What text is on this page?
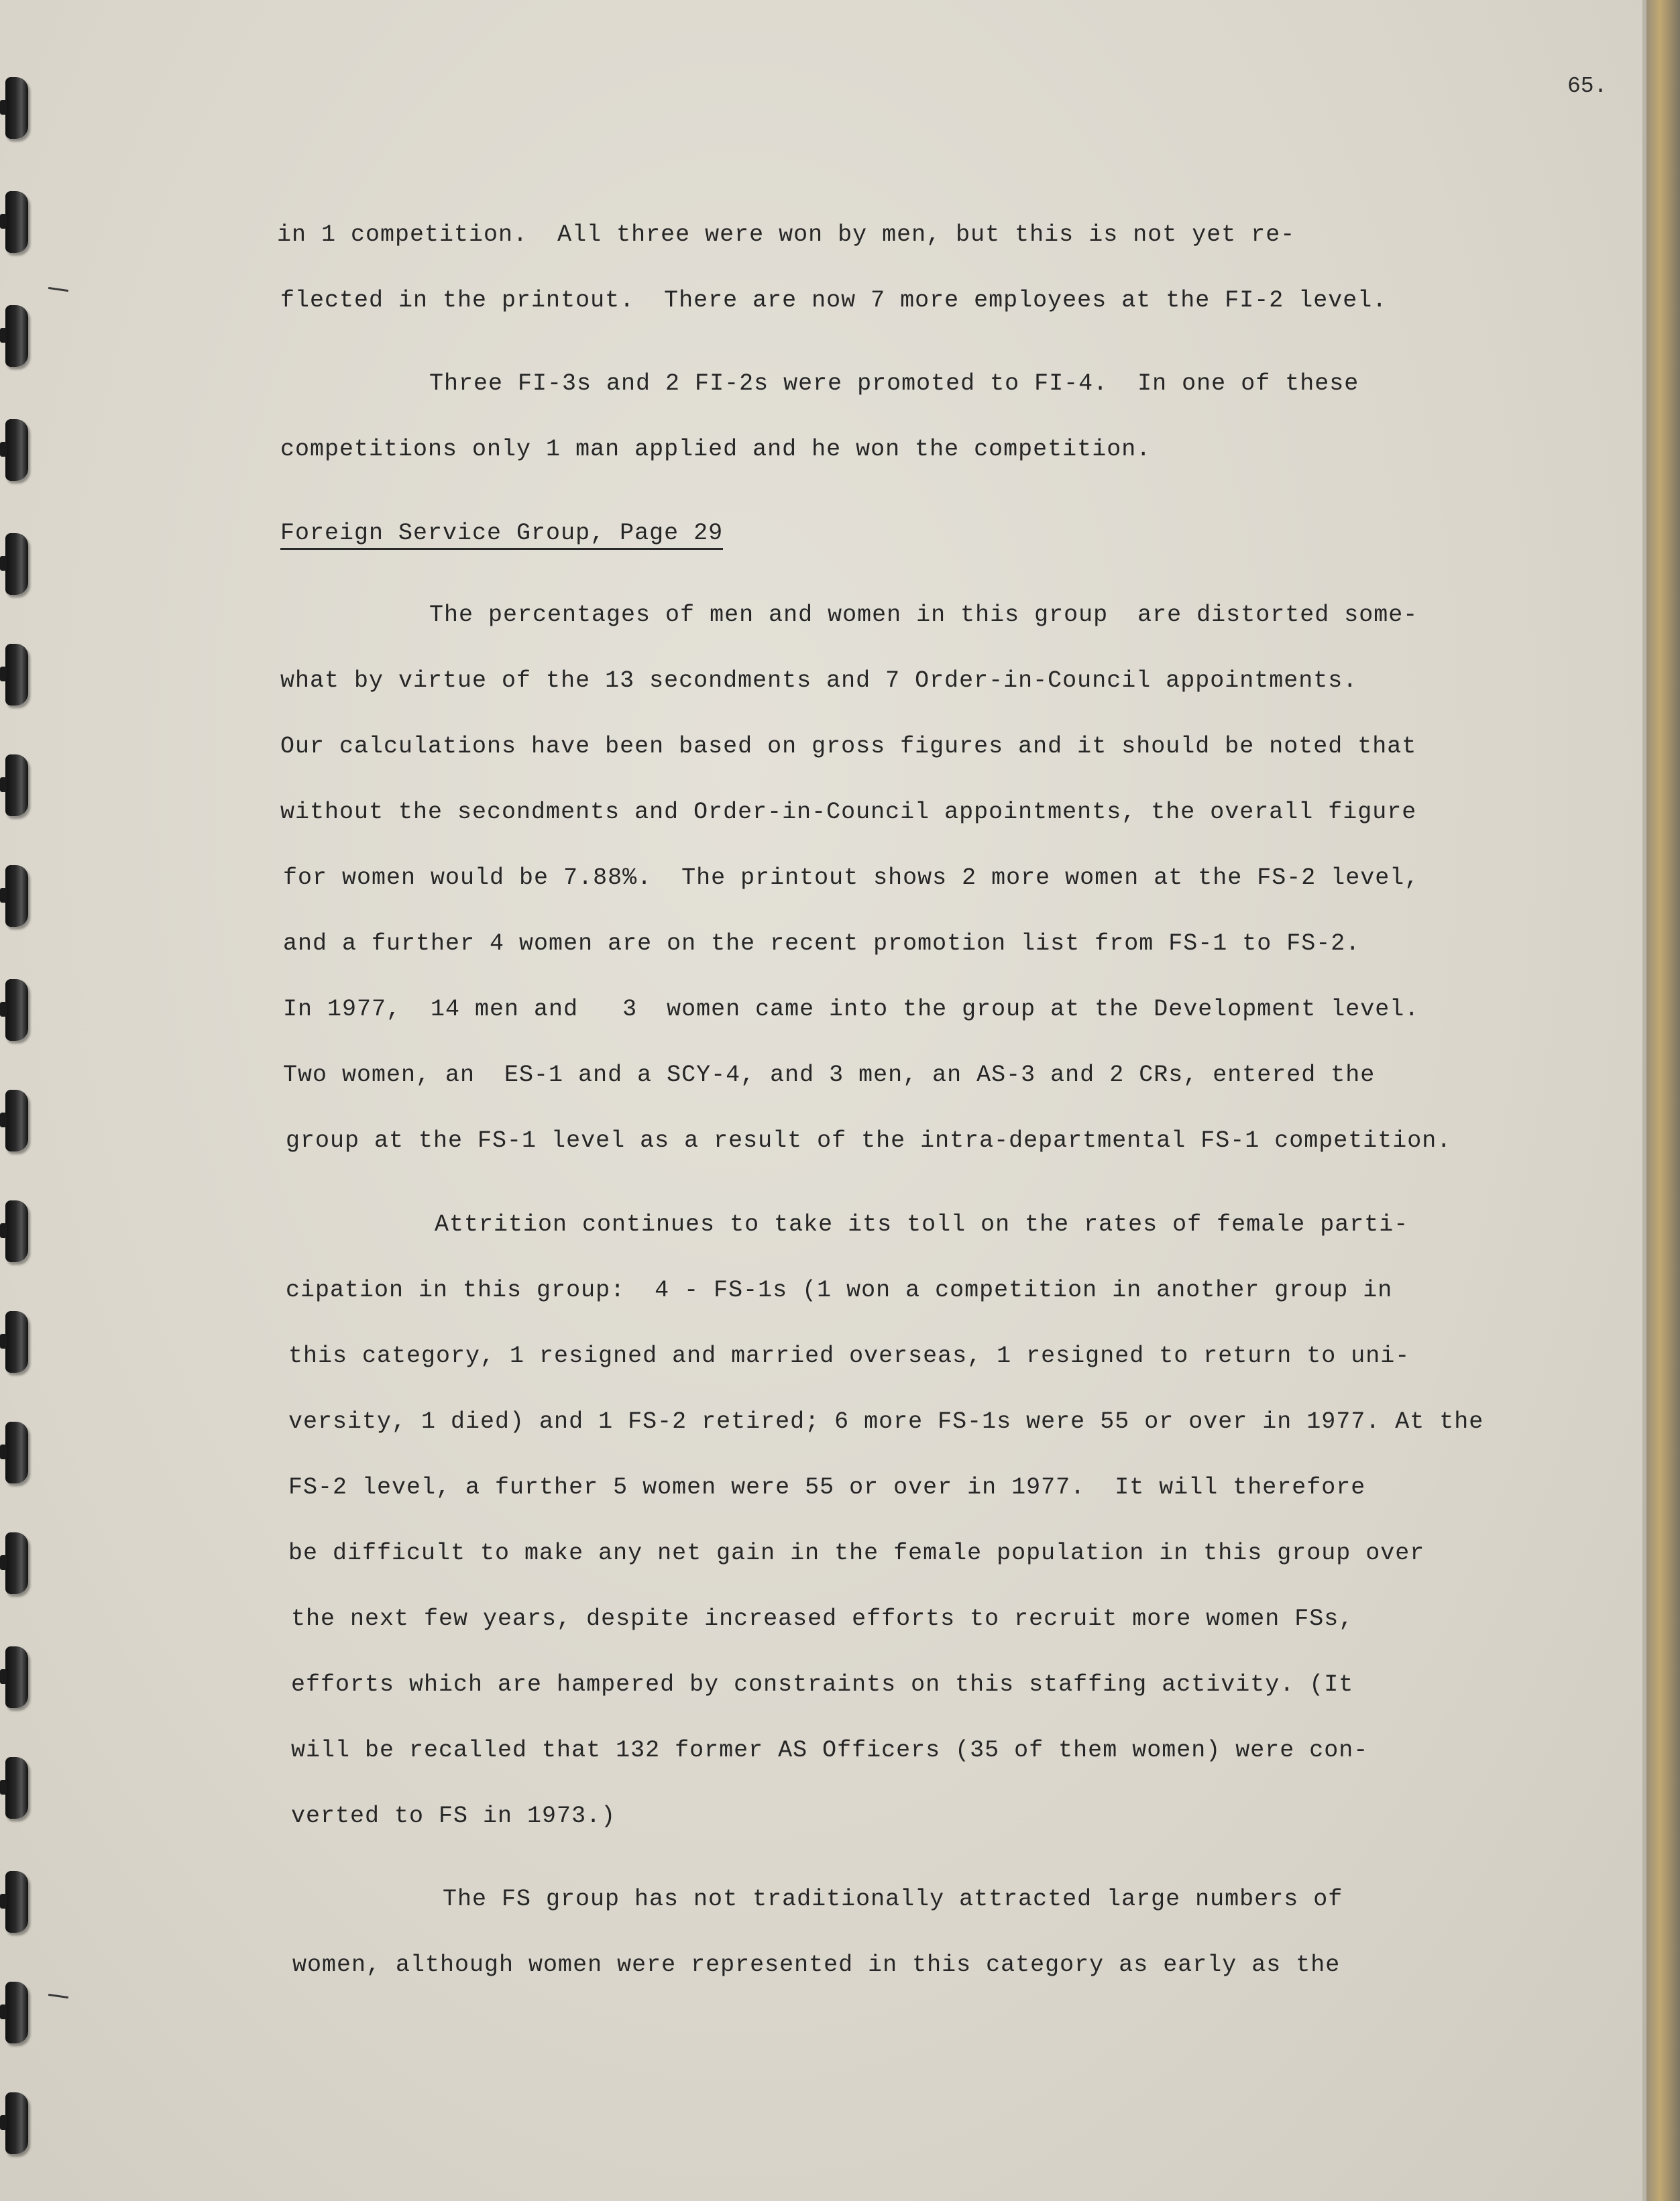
65.
in 1 competition.  All three were won by men, but this is not yet re-
flected in the printout.  There are now 7 more employees at the FI-2 level.
Three FI-3s and 2 FI-2s were promoted to FI-4.  In one of these
competitions only 1 man applied and he won the competition.
Foreign Service Group, Page 29
The percentages of men and women in this group  are distorted some-
what by virtue of the 13 secondments and 7 Order-in-Council appointments.
Our calculations have been based on gross figures and it should be noted that
without the secondments and Order-in-Council appointments, the overall figure
for women would be 7.88%.  The printout shows 2 more women at the FS-2 level,
and a further 4 women are on the recent promotion list from FS-1 to FS-2.
In 1977,  14 men and   3  women came into the group at the Development level.
Two women, an  ES-1 and a SCY-4, and 3 men, an AS-3 and 2 CRs, entered the
group at the FS-1 level as a result of the intra-departmental FS-1 competition.
Attrition continues to take its toll on the rates of female parti-
cipation in this group:  4 - FS-1s (1 won a competition in another group in
this category, 1 resigned and married overseas, 1 resigned to return to uni-
versity, 1 died) and 1 FS-2 retired; 6 more FS-1s were 55 or over in 1977. At the
FS-2 level, a further 5 women were 55 or over in 1977.  It will therefore
be difficult to make any net gain in the female population in this group over
the next few years, despite increased efforts to recruit more women FSs,
efforts which are hampered by constraints on this staffing activity. (It
will be recalled that 132 former AS Officers (35 of them women) were con-
verted to FS in 1973.)
The FS group has not traditionally attracted large numbers of
women, although women were represented in this category as early as the
